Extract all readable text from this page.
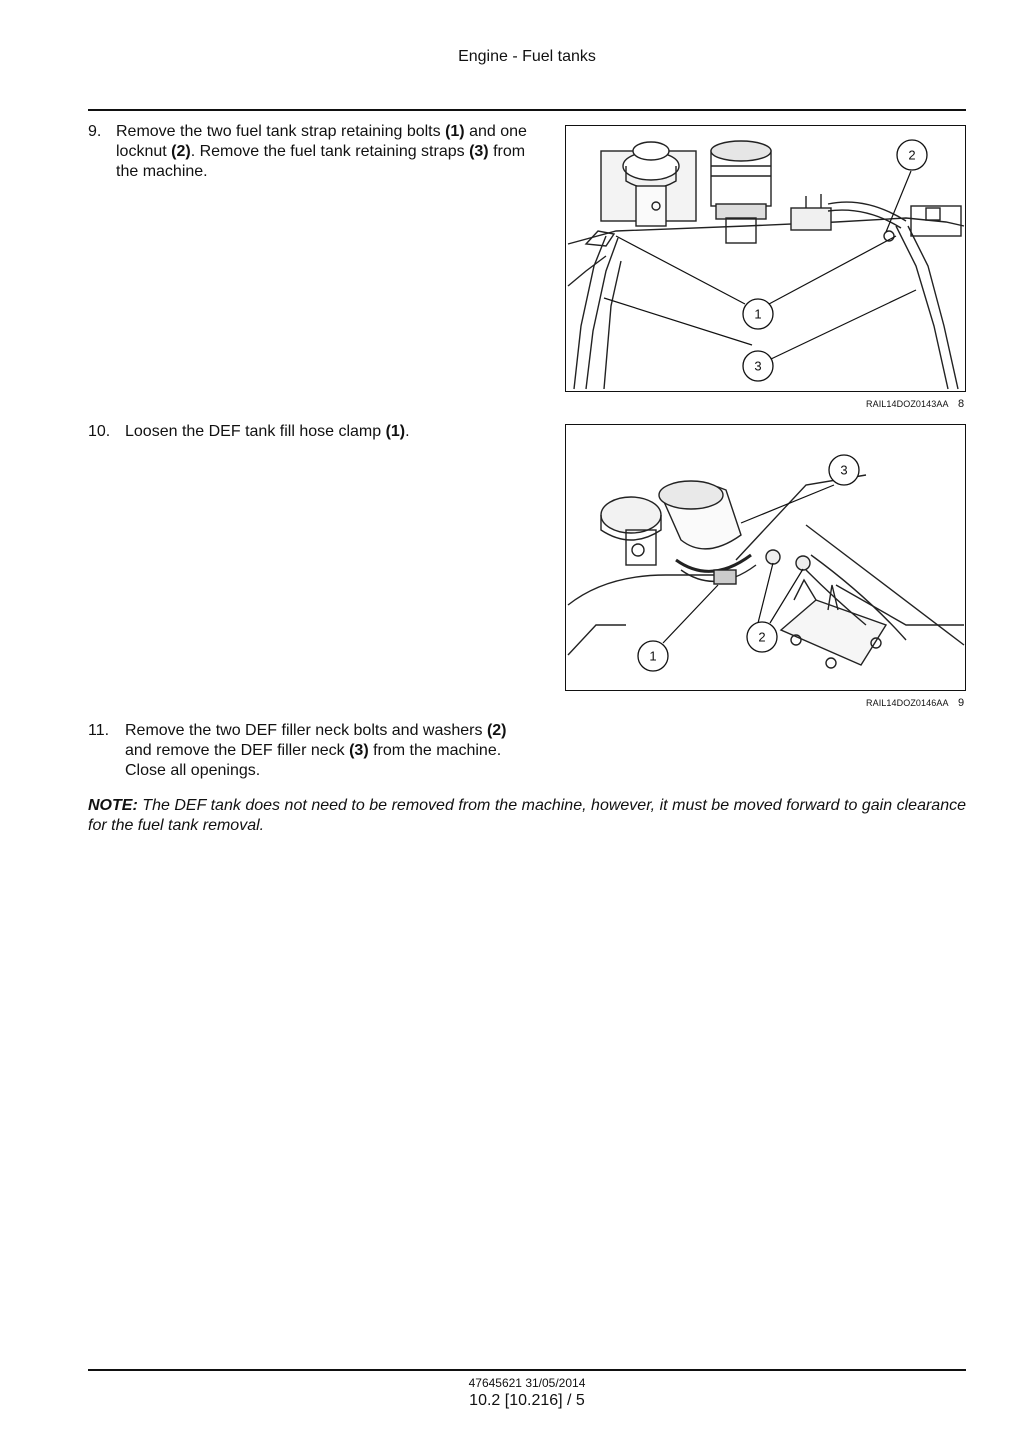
Engine - Fuel tanks
9. Remove the two fuel tank strap retaining bolts (1) and one locknut (2). Remove the fuel tank retaining straps (3) from the machine.
1
2
3
RAIL14DOZ0143AA 8
10. Loosen the DEF tank fill hose clamp (1).
1
2
3
RAIL14DOZ0146AA 9
11. Remove the two DEF filler neck bolts and washers (2) and remove the DEF filler neck (3) from the machine. Close all openings.
NOTE: The DEF tank does not need to be removed from the machine, however, it must be moved forward to gain clearance for the fuel tank removal.
47645621 31/05/2014
10.2 [10.216] / 5
